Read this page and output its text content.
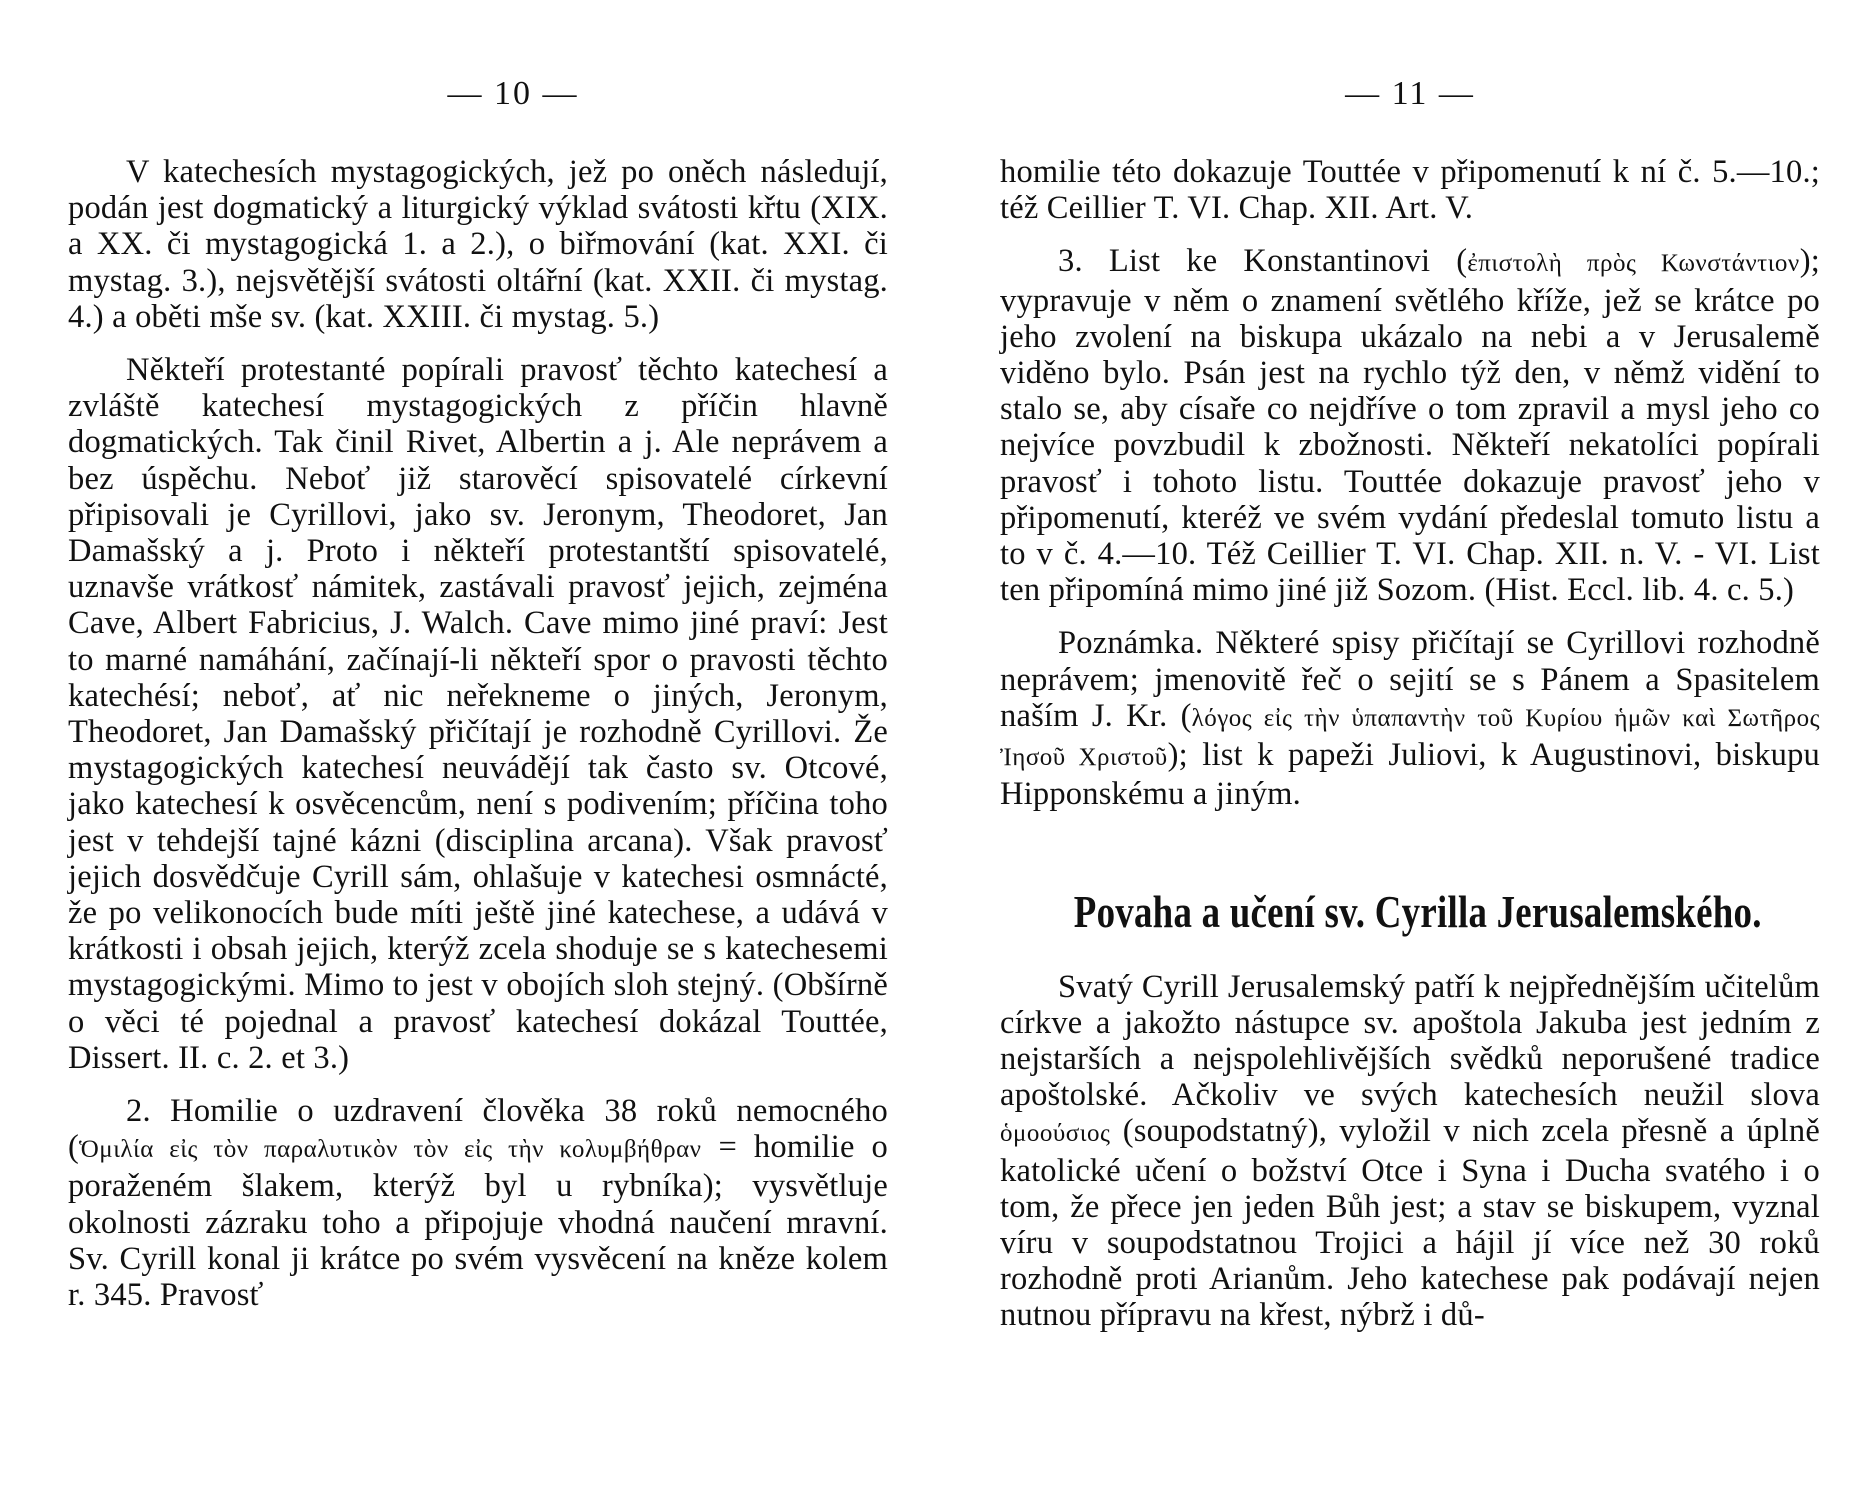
— 10 —

V katechesích mystagogických, jež po oněch následují, podán jest dogmatický a liturgický výklad svátosti křtu (XIX. a XX. či mystagogická 1. a 2.), o biřmování (kat. XXI. či mystag. 3.), nejsvětější svátosti oltářní (kat. XXII. či mystag. 4.) a oběti mše sv. (kat. XXIII. či mystag. 5.)

Někteří protestanté popírali pravosť těchto katechesí a zvláště katechesí mystagogických z příčin hlavně dogmatických. Tak činil Rivet, Albertin a j. Ale neprávem a bez úspěchu. Neboť již starověcí spisovatelé církevní připisovali je Cyrillovi, jako sv. Jeronym, Theodoret, Jan Damašský a j. Proto i někteří protestantští spisovatelé, uznavše vrátkosť námitek, zastávali pravosť jejich, zejména Cave, Albert Fabricius, J. Walch. Cave mimo jiné praví: Jest to marné namáhání, začínají-li někteří spor o pravosti těchto katechésí; neboť, ať nic neřekneme o jiných, Jeronym, Theodoret, Jan Damašský přičítají je rozhodně Cyrillovi. Že mystagogických katechesí neuvádějí tak často sv. Otcové, jako katechesí k osvěcencům, není s podivením; příčina toho jest v tehdejší tajné kázni (disciplina arcana). Však pravosť jejich dosvědčuje Cyrill sám, ohlašuje v katechesi osmnácté, že po velikonocích bude míti ještě jiné katechese, a udává v krátkosti i obsah jejich, kterýž zcela shoduje se s katechesemi mystagogickými. Mimo to jest v obojích sloh stejný. (Obšírně o věci té pojednal a pravosť katechesí dokázal Touttée, Dissert. II. c. 2. et 3.)

2. Homilie o uzdravení člověka 38 roků nemocného (Ὁμιλία εἰς τὸν παραλυτικὸν τὸν εἰς τὴν κολυμβήθραν = homilie o poraženém šlakem, kterýž byl u rybníka); vysvětluje okolnosti zázraku toho a připojuje vhodná naučení mravní. Sv. Cyrill konal ji krátce po svém vysvěcení na kněze kolem r. 345. Pravosť

— 11 —

homilie této dokazuje Touttée v připomenutí k ní č. 5.—10.; též Ceillier T. VI. Chap. XII. Art. V.

3. List ke Konstantinovi (ἐπιστολὴ πρὸς Κωνστάντιον); vypravuje v něm o znamení světlého kříže, jež se krátce po jeho zvolení na biskupa ukázalo na nebi a v Jerusalemě viděno bylo. Psán jest na rychlo týž den, v němž vidění to stalo se, aby císaře co nejdříve o tom zpravil a mysl jeho co nejvíce povzbudil k zbožnosti. Někteří nekatolíci popírali pravosť i tohoto listu. Touttée dokazuje pravosť jeho v připomenutí, kteréž ve svém vydání předeslal tomuto listu a to v č. 4.—10. Též Ceillier T. VI. Chap. XII. n. V. - VI. List ten připomíná mimo jiné již Sozom. (Hist. Eccl. lib. 4. c. 5.)

Poznámka. Některé spisy přičítají se Cyrillovi rozhodně neprávem; jmenovitě řeč o sejití se s Pánem a Spasitelem naším J. Kr. (λόγος εἰς τὴν ὑπαπαντὴν τοῦ Κυρίου ἡμῶν καὶ Σωτῆρος Ἰησοῦ Χριστοῦ); list k papeži Juliovi, k Augustinovi, biskupu Hipponskému a jiným.

Povaha a učení sv. Cyrilla Jerusalemského.

Svatý Cyrill Jerusalemský patří k nejpřednějším učitelům církve a jakožto nástupce sv. apoštola Jakuba jest jedním z nejstarších a nejspolehlivějších svědků neporušené tradice apoštolské. Ačkoliv ve svých katechesích neužil slova ὁμοούσιος (soupodstatný), vyložil v nich zcela přesně a úplně katolické učení o božství Otce i Syna i Ducha svatého i o tom, že přece jen jeden Bůh jest; a stav se biskupem, vyznal víru v soupodstatnou Trojici a hájil jí více než 30 roků rozhodně proti Arianům. Jeho katechese pak podávají nejen nutnou přípravu na křest, nýbrž i dů-
